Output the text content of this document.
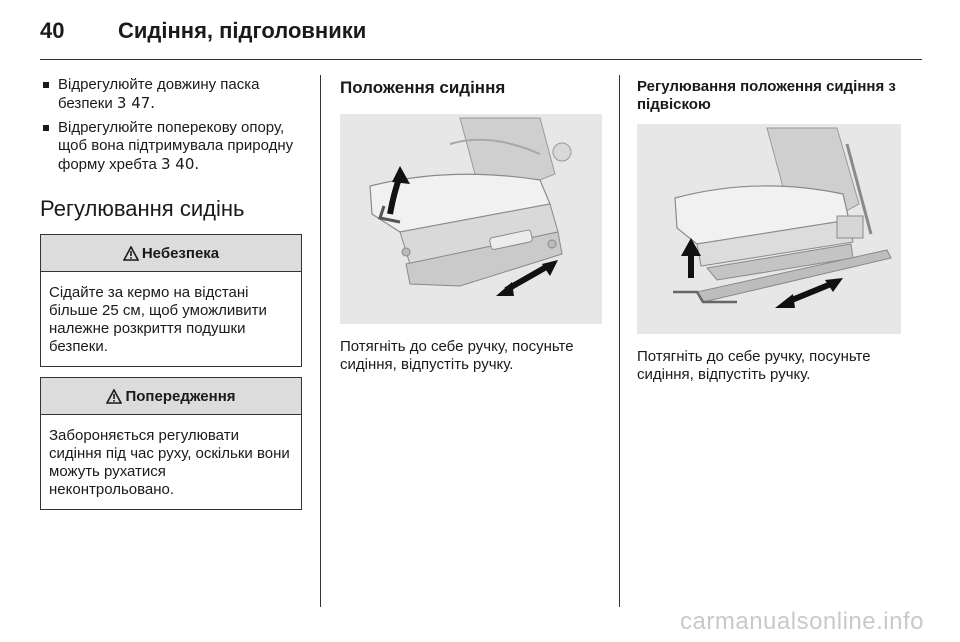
40 Сидіння, підголовники
Відрегулюйте довжину паска безпеки 3 47.
Відрегулюйте поперекову опору, щоб вона підтримувала природну форму хребта 3 40.
Регулювання сидінь
Небезпека
Сідайте за кермо на відстані більше 25 см, щоб уможливити належне розкриття подушки безпеки.
Попередження
Забороняється регулювати сидіння під час руху, оскільки вони можуть рухатися неконтрольовано.
Положення сидіння
Потягніть до себе ручку, посуньте сидіння, відпустіть ручку.
Регулювання положення сидіння з підвіскою
Потягніть до себе ручку, посуньте сидіння, відпустіть ручку.
carmanualsonline.info
